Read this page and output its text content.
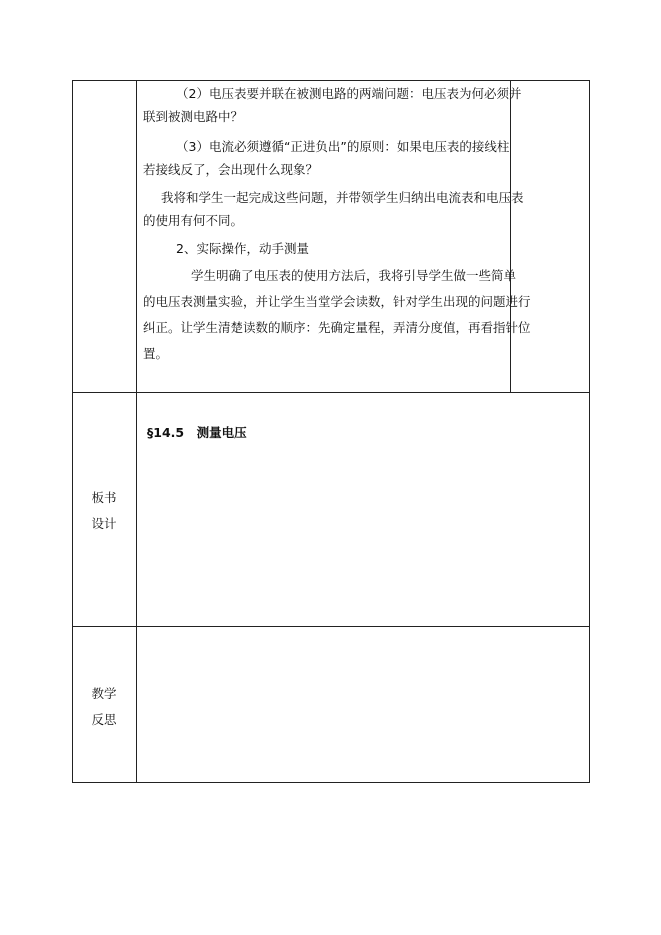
（2）电压表要并联在被测电路的两端问题：电压表为何必须并
联到被测电路中？
（3）电流必须遵循“正进负出”的原则：如果电压表的接线柱
若接线反了，会出现什么现象？
我将和学生一起完成这些问题，并带领学生归纳出电流表和电压表
的使用有何不同。
2、实际操作，动手测量
学生明确了电压表的使用方法后，我将引导学生做一些简单
的电压表测量实验，并让学生当堂学会读数，针对学生出现的问题进行
纠正。让学生清楚读数的顺序：先确定量程，弄清分度值，再看指针位
置。
板书
设计
§14.5　测量电压
教学
反思
